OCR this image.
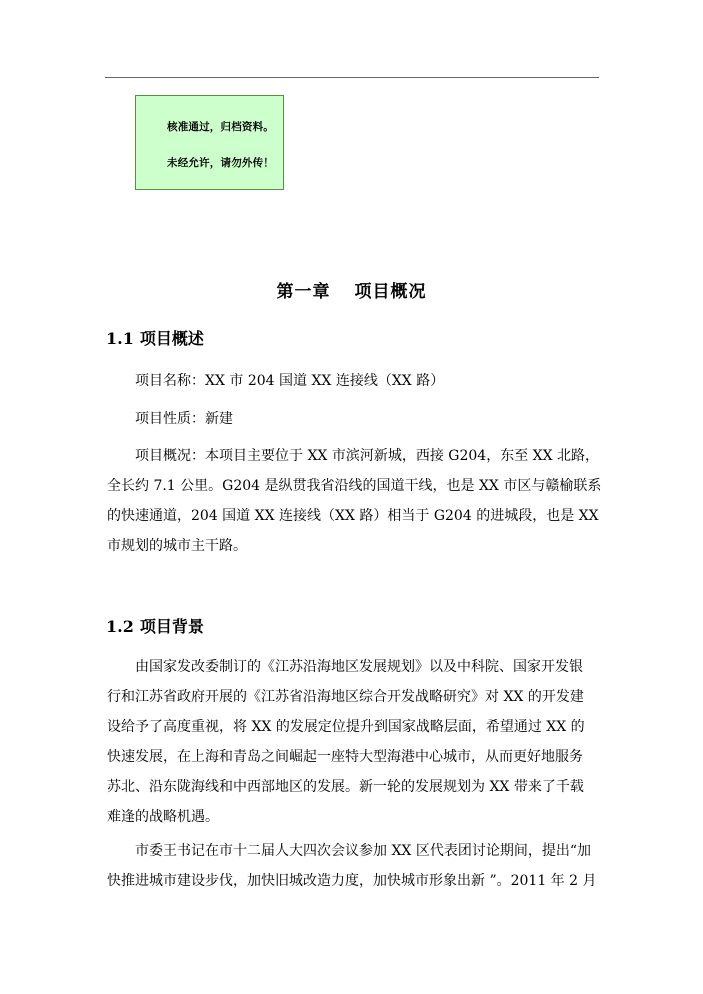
核准通过，归档资料。
未经允许，请勿外传！
第一章 项目概况
1.1 项目概述
项目名称：XX 市 204 国道 XX 连接线（XX 路）
项目性质：新建
项目概况：本项目主要位于 XX 市滨河新城，西接 G204，东至 XX 北路，
全长约 7.1 公里。G204 是纵贯我省沿线的国道干线，也是 XX 市区与赣榆联系
的快速通道，204 国道 XX 连接线（XX 路）相当于 G204 的进城段，也是 XX
市规划的城市主干路。
1.2 项目背景
由国家发改委制订的《江苏沿海地区发展规划》以及中科院、国家开发银
行和江苏省政府开展的《江苏省沿海地区综合开发战略研究》对 XX 的开发建
设给予了高度重视，将 XX 的发展定位提升到国家战略层面，希望通过 XX 的
快速发展，在上海和青岛之间崛起一座特大型海港中心城市，从而更好地服务
苏北、沿东陇海线和中西部地区的发展。新一轮的发展规划为 XX 带来了千载
难逢的战略机遇。
市委王书记在市十二届人大四次会议参加 XX 区代表团讨论期间，提出“加
快推进城市建设步伐，加快旧城改造力度，加快城市形象出新 ”。2011 年 2 月
